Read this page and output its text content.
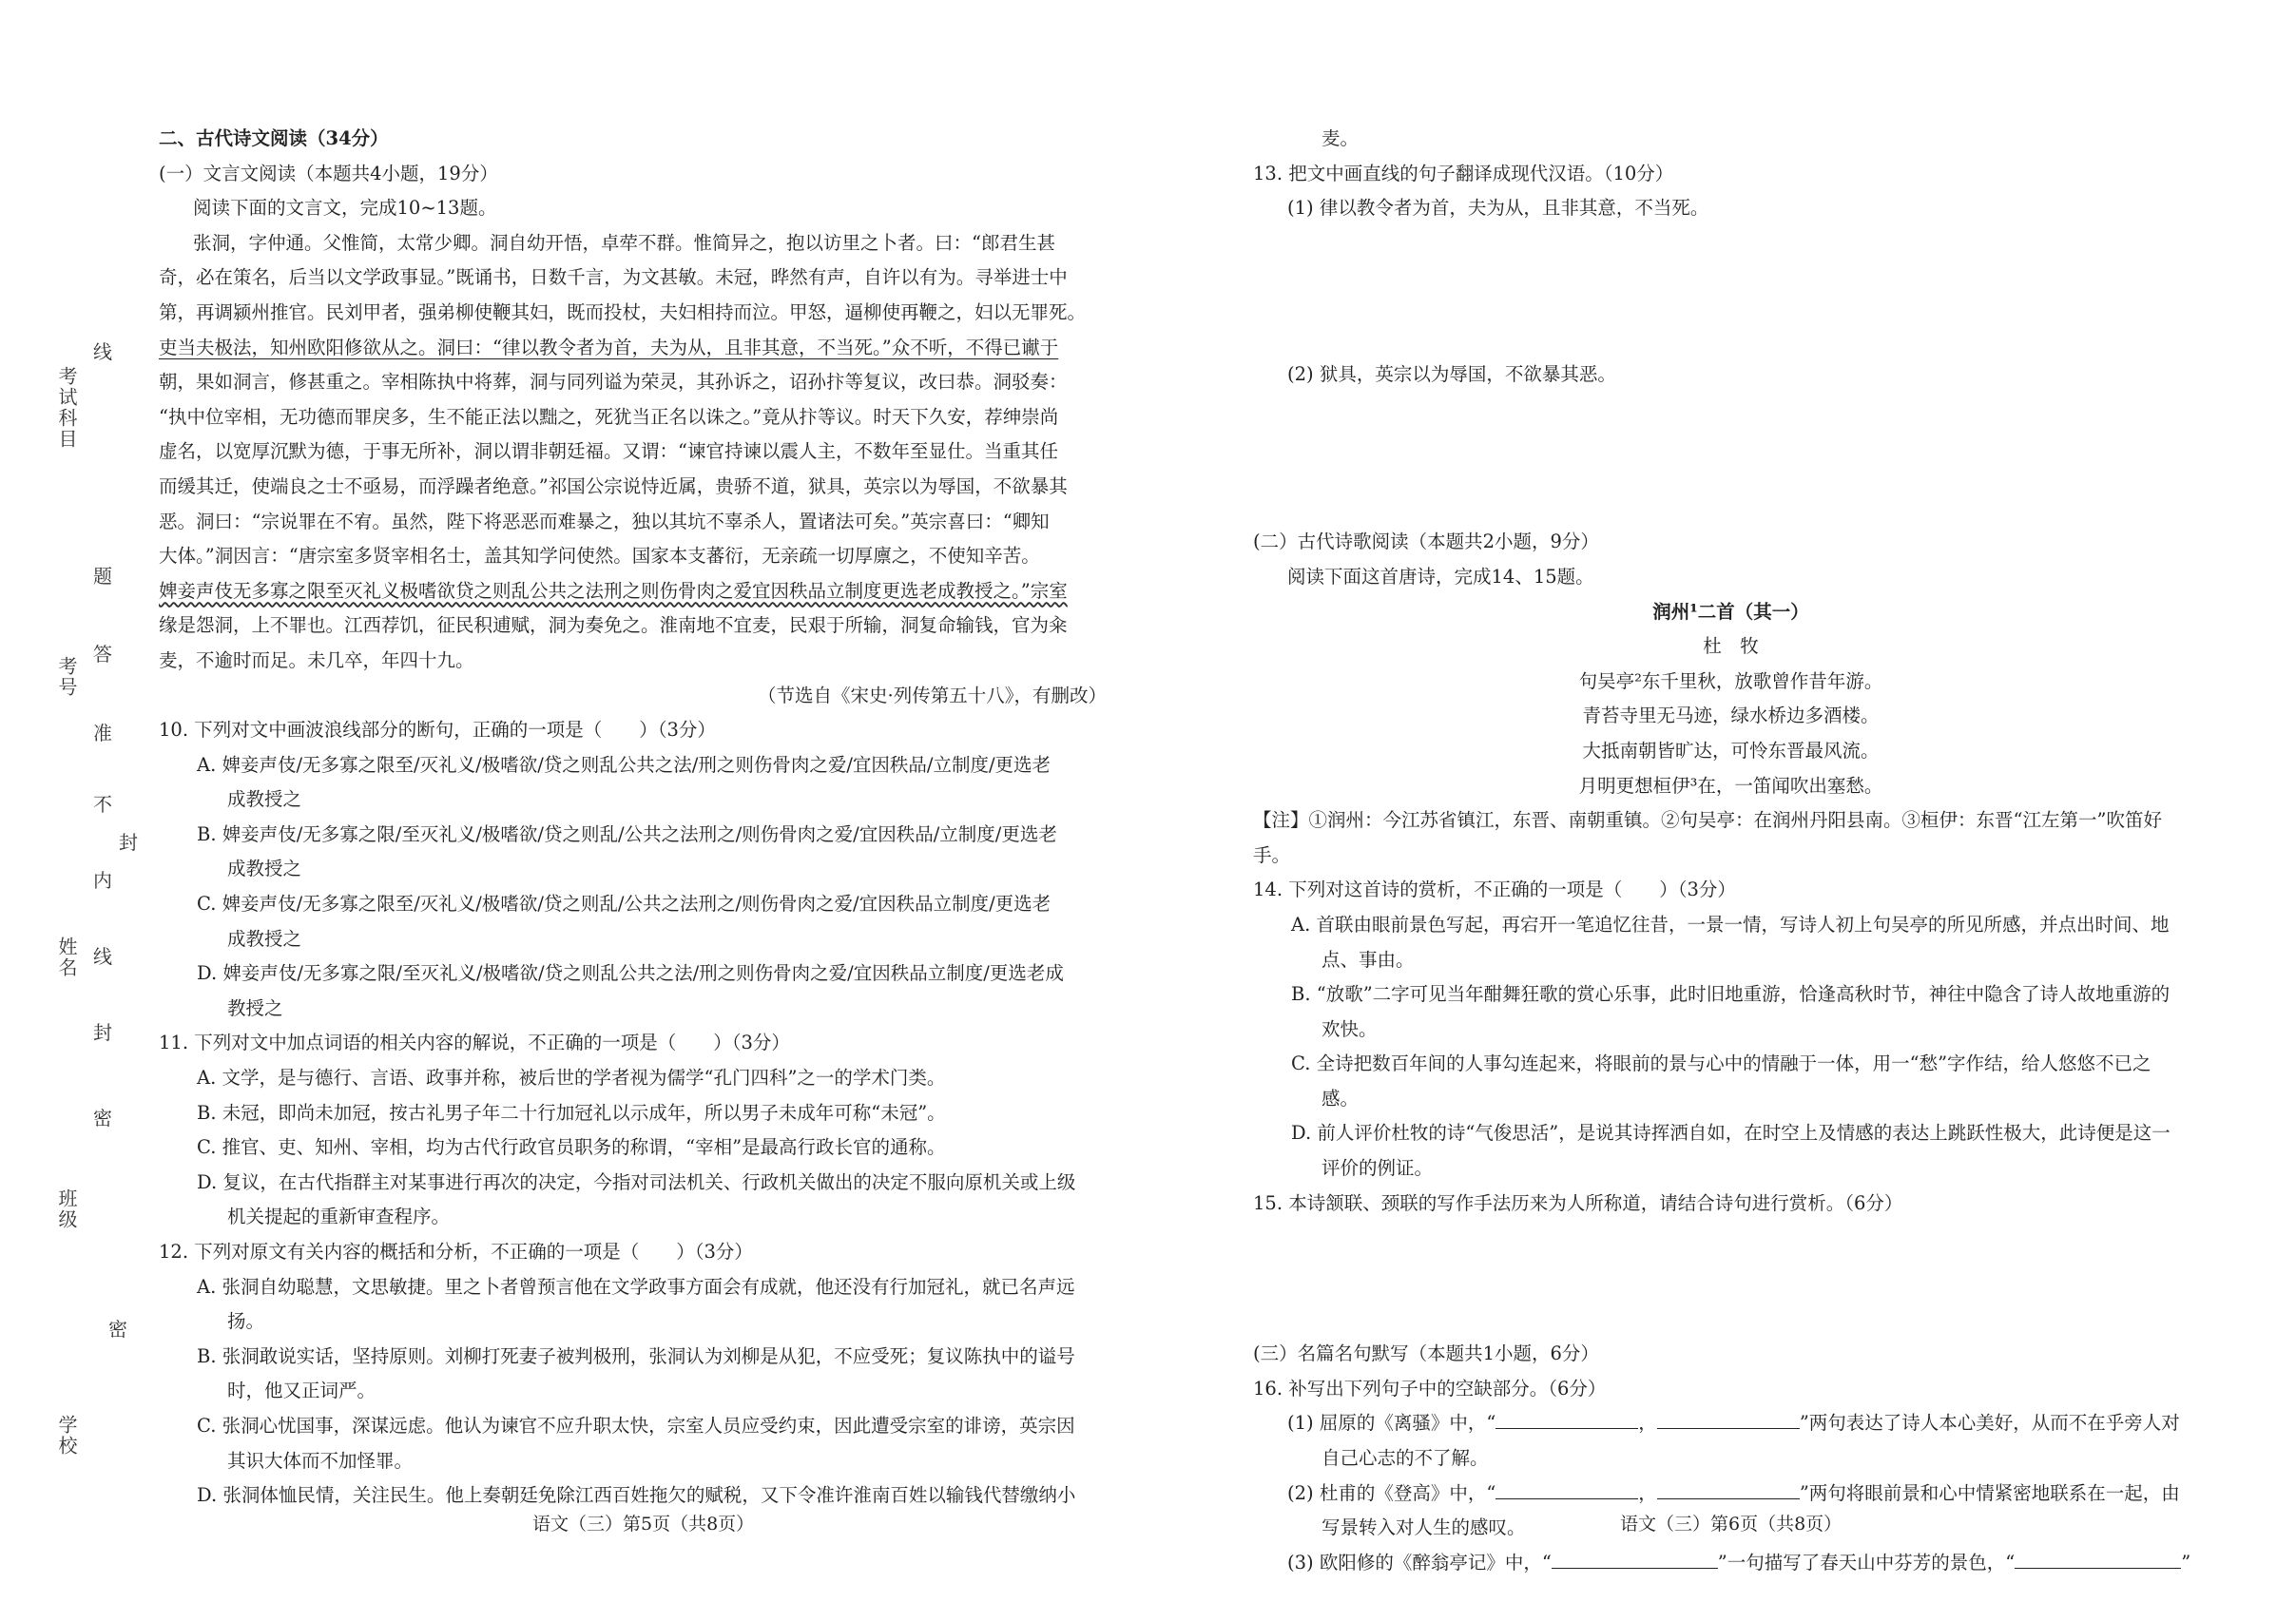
考试科目
考号
姓名
班级
学校
线
题
答
准
不
封
内
线
封
密
密
二、古代诗文阅读（34分）
(一）文言文阅读（本题共4小题，19分）
阅读下面的文言文，完成10~13题。
张洞，字仲通。父惟简，太常少卿。洞自幼开悟，卓荦不群。惟简异之，抱以访里之卜者。曰：“郎君生甚
奇，必在策名，后当以文学政事显。”既诵书，日数千言，为文甚敏。未冠，晔然有声，自许以有为。寻举进士中
第，再调颍州推官。民刘甲者，强弟柳使鞭其妇，既而投杖，夫妇相持而泣。甲怒，逼柳使再鞭之，妇以无罪死。
吏当夫极法，知州欧阳修欲从之。洞曰：“律以教令者为首，夫为从，且非其意，不当死。”众不听，不得已谳于
朝，果如洞言，修甚重之。宰相陈执中将葬，洞与同列谥为荣灵，其孙诉之，诏孙抃等复议，改曰恭。洞驳奏：
“执中位宰相，无功德而罪戾多，生不能正法以黜之，死犹当正名以诛之。”竟从抃等议。时天下久安，荐绅崇尚
虚名，以宽厚沉默为德，于事无所补，洞以谓非朝廷福。又谓：“谏官持谏以震人主，不数年至显仕。当重其任
而缓其迁，使端良之士不亟易，而浮躁者绝意。”祁国公宗说恃近属，贵骄不道，狱具，英宗以为辱国，不欲暴其
恶。洞曰：“宗说罪在不宥。虽然，陛下将恶恶而难暴之，独以其坑不辜杀人，置诸法可矣。”英宗喜曰：“卿知
大体。”洞因言：“唐宗室多贤宰相名士，盖其知学问使然。国家本支蕃衍，无亲疏一切厚廪之，不使知辛苦。
婢妾声伎无多寡之限至灭礼义极嗜欲贷之则乱公共之法刑之则伤骨肉之爱宜因秩品立制度更选老成教授之。”宗室
缘是怨洞，上不罪也。江西荐饥，征民积逋赋，洞为奏免之。淮南地不宜麦，民艰于所输，洞复命输钱，官为籴
麦，不逾时而足。未几卒，年四十九。
（节选自《宋史·列传第五十八》，有删改）
10. 下列对文中画波浪线部分的断句，正确的一项是（　　）（3分）
A. 婢妾声伎/无多寡之限至/灭礼义/极嗜欲/贷之则乱公共之法/刑之则伤骨肉之爱/宜因秩品/立制度/更选老
成教授之
B. 婢妾声伎/无多寡之限/至灭礼义/极嗜欲/贷之则乱/公共之法刑之/则伤骨肉之爱/宜因秩品/立制度/更选老
成教授之
C. 婢妾声伎/无多寡之限至/灭礼义/极嗜欲/贷之则乱/公共之法刑之/则伤骨肉之爱/宜因秩品立制度/更选老
成教授之
D. 婢妾声伎/无多寡之限/至灭礼义/极嗜欲/贷之则乱公共之法/刑之则伤骨肉之爱/宜因秩品立制度/更选老成
教授之
11. 下列对文中加点词语的相关内容的解说，不正确的一项是（　　）（3分）
A. 文学，是与德行、言语、政事并称，被后世的学者视为儒学“孔门四科”之一的学术门类。
B. 未冠，即尚未加冠，按古礼男子年二十行加冠礼以示成年，所以男子未成年可称“未冠”。
C. 推官、吏、知州、宰相，均为古代行政官员职务的称谓，“宰相”是最高行政长官的通称。
D. 复议，在古代指群主对某事进行再次的决定，今指对司法机关、行政机关做出的决定不服向原机关或上级
机关提起的重新审查程序。
12. 下列对原文有关内容的概括和分析，不正确的一项是（　　）（3分）
A. 张洞自幼聪慧，文思敏捷。里之卜者曾预言他在文学政事方面会有成就，他还没有行加冠礼，就已名声远
扬。
B. 张洞敢说实话，坚持原则。刘柳打死妻子被判极刑，张洞认为刘柳是从犯，不应受死；复议陈执中的谥号
时，他又正词严。
C. 张洞心忧国事，深谋远虑。他认为谏官不应升职太快，宗室人员应受约束，因此遭受宗室的诽谤，英宗因
其识大体而不加怪罪。
D. 张洞体恤民情，关注民生。他上奏朝廷免除江西百姓拖欠的赋税，又下令准许淮南百姓以输钱代替缴纳小
语文（三）第5页（共8页）
麦。
13. 把文中画直线的句子翻译成现代汉语。（10分）
(1) 律以教令者为首，夫为从，且非其意，不当死。
(2) 狱具，英宗以为辱国，不欲暴其恶。
(二）古代诗歌阅读（本题共2小题，9分）
阅读下面这首唐诗，完成14、15题。
润州¹二首（其一）
杜　牧
句吴亭²东千里秋，放歌曾作昔年游。
青苔寺里无马迹，绿水桥边多酒楼。
大抵南朝皆旷达，可怜东晋最风流。
月明更想桓伊³在，一笛闻吹出塞愁。
【注】①润州：今江苏省镇江，东晋、南朝重镇。②句吴亭：在润州丹阳县南。③桓伊：东晋“江左第一”吹笛好
手。
14. 下列对这首诗的赏析，不正确的一项是（　　）（3分）
A. 首联由眼前景色写起，再宕开一笔追忆往昔，一景一情，写诗人初上句吴亭的所见所感，并点出时间、地
点、事由。
B. “放歌”二字可见当年酣舞狂歌的赏心乐事，此时旧地重游，恰逢高秋时节，神往中隐含了诗人故地重游的
欢快。
C. 全诗把数百年间的人事勾连起来，将眼前的景与心中的情融于一体，用一“愁”字作结，给人悠悠不已之
感。
D. 前人评价杜牧的诗“气俊思活”，是说其诗挥洒自如，在时空上及情感的表达上跳跃性极大，此诗便是这一
评价的例证。
15. 本诗颔联、颈联的写作手法历来为人所称道，请结合诗句进行赏析。（6分）
(三）名篇名句默写（本题共1小题，6分）
16. 补写出下列句子中的空缺部分。（6分）
(1) 屈原的《离骚》中，“	，	”两句表达了诗人本心美好，从而不在乎旁人对
自己心志的不了解。
(2) 杜甫的《登高》中，“	，	”两句将眼前景和心中情紧密地联系在一起，由
写景转入对人生的感叹。
(3) 欧阳修的《醉翁亭记》中，“	”一句描写了春天山中芬芳的景色，“	”
语文（三）第6页（共8页）
